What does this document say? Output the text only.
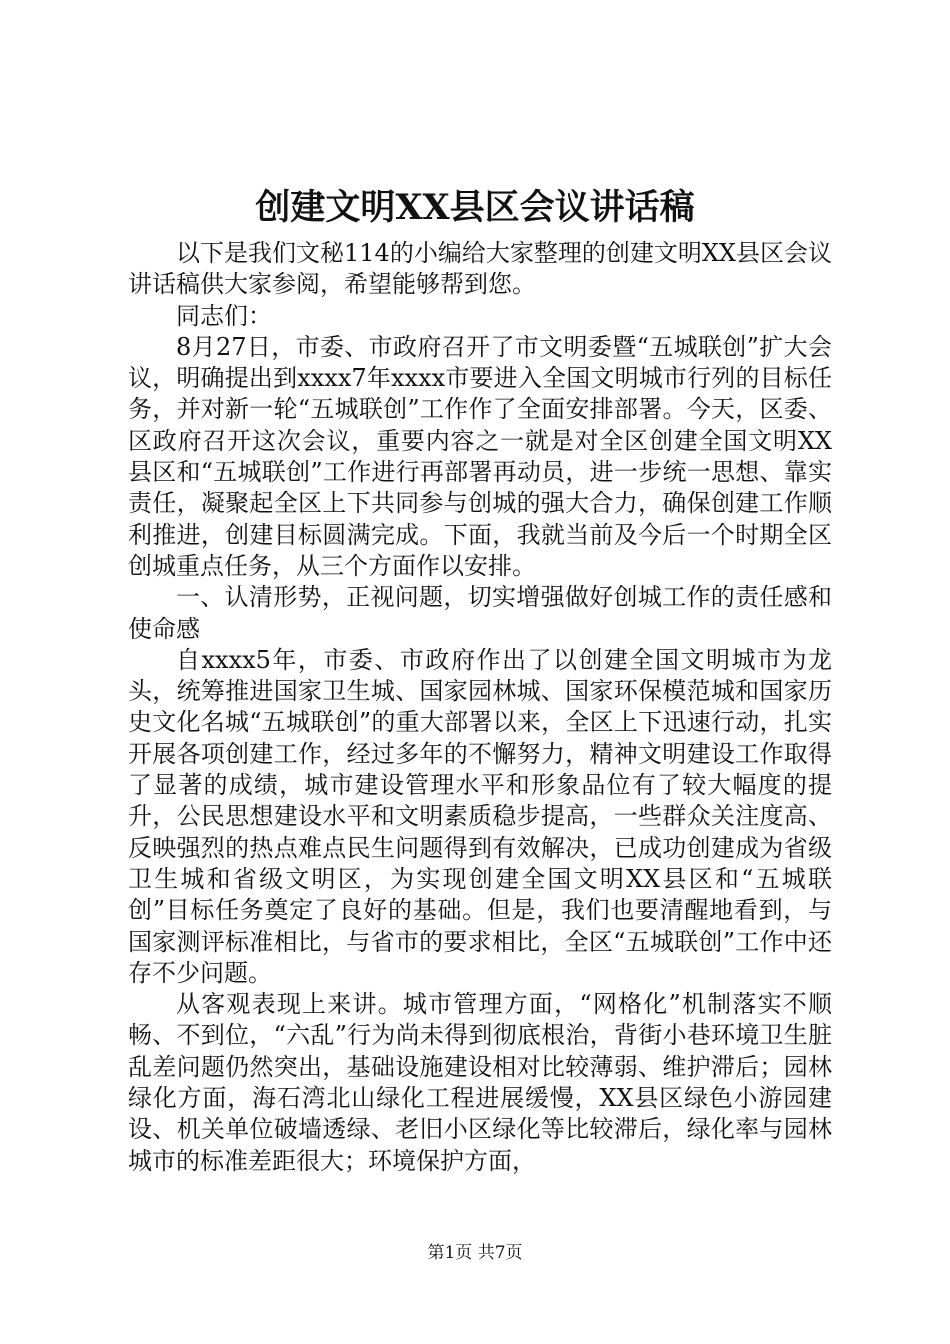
创建文明XX县区会议讲话稿

以下是我们文秘114的小编给大家整理的创建文明XX县区会议讲话稿供大家参阅，希望能够帮到您。

同志们：

8月27日，市委、市政府召开了市文明委暨“五城联创”扩大会议，明确提出到xxxx7年xxxx市要进入全国文明城市行列的目标任务，并对新一轮“五城联创”工作作了全面安排部署。今天，区委、区政府召开这次会议，重要内容之一就是对全区创建全国文明XX县区和“五城联创”工作进行再部署再动员，进一步统一思想、靠实责任，凝聚起全区上下共同参与创城的强大合力，确保创建工作顺利推进，创建目标圆满完成。下面，我就当前及今后一个时期全区创城重点任务，从三个方面作以安排。

一、认清形势，正视问题，切实增强做好创城工作的责任感和使命感

自xxxx5年，市委、市政府作出了以创建全国文明城市为龙头，统筹推进国家卫生城、国家园林城、国家环保模范城和国家历史文化名城“五城联创”的重大部署以来，全区上下迅速行动，扎实开展各项创建工作，经过多年的不懈努力，精神文明建设工作取得了显著的成绩，城市建设管理水平和形象品位有了较大幅度的提升，公民思想建设水平和文明素质稳步提高，一些群众关注度高、反映强烈的热点难点民生问题得到有效解决，已成功创建成为省级卫生城和省级文明区，为实现创建全国文明XX县区和“五城联创”目标任务奠定了良好的基础。但是，我们也要清醒地看到，与国家测评标准相比，与省市的要求相比，全区“五城联创”工作中还存不少问题。

从客观表现上来讲。城市管理方面，“网格化”机制落实不顺畅、不到位，“六乱”行为尚未得到彻底根治，背街小巷环境卫生脏乱差问题仍然突出，基础设施建设相对比较薄弱、维护滞后；园林绿化方面，海石湾北山绿化工程进展缓慢，XX县区绿色小游园建设、机关单位破墙透绿、老旧小区绿化等比较滞后，绿化率与园林城市的标准差距很大；环境保护方面，

第1页 共7页
